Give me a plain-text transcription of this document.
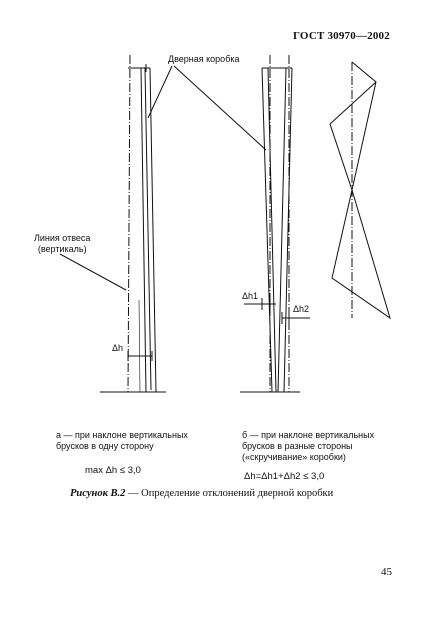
ГОСТ 30970—2002
Дверная коробка
Линия отвеса
(вертикаль)
Δh
Δh1
Δh2
а — при наклоне вертикальных
брусков в одну сторону
max Δh ≤ 3,0
б — при наклоне вертикальных
брусков в разные стороны
(«скручивание» коробки)
Δh=Δh1+Δh2 ≤ 3,0
Рисунок В.2 — Определение отклонений дверной коробки
45
